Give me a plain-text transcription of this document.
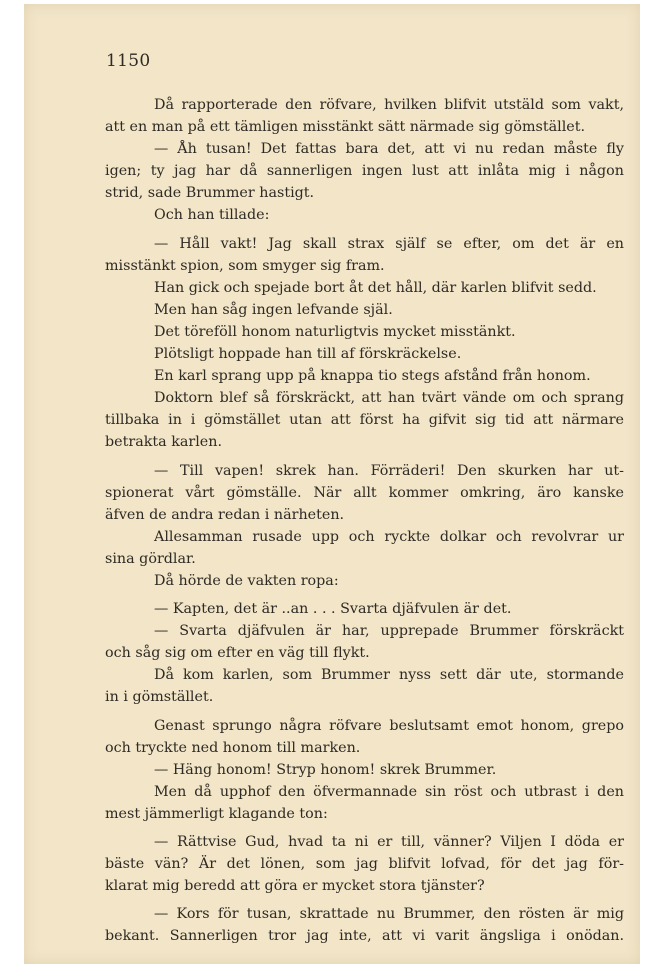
1150
Då rapporterade den röfvare, hvilken blifvit utstäld som vakt,
att en man på ett tämligen misstänkt sätt närmade sig gömstället.
— Åh tusan! Det fattas bara det, att vi nu redan måste fly
igen; ty jag har då sannerligen ingen lust att inlåta mig i någon
strid, sade Brummer hastigt.
Och han tillade:
— Håll vakt! Jag skall strax själf se efter, om det är en
misstänkt spion, som smyger sig fram.
Han gick och spejade bort åt det håll, där karlen blifvit sedd.
Men han såg ingen lefvande själ.
Det töreföll honom naturligtvis mycket misstänkt.
Plötsligt hoppade han till af förskräckelse.
En karl sprang upp på knappa tio stegs afstånd från honom.
Doktorn blef så förskräckt, att han tvärt vände om och sprang
tillbaka in i gömstället utan att först ha gifvit sig tid att närmare
betrakta karlen.
— Till vapen! skrek han. Förräderi! Den skurken har ut-
spionerat vårt gömställe. När allt kommer omkring, äro kanske
äfven de andra redan i närheten.
Allesamman rusade upp och ryckte dolkar och revolvrar ur
sina gördlar.
Då hörde de vakten ropa:
— Kapten, det är ..an . . . Svarta djäfvulen är det.
— Svarta djäfvulen är har, upprepade Brummer förskräckt
och såg sig om efter en väg till flykt.
Då kom karlen, som Brummer nyss sett där ute, stormande
in i gömstället.
Genast sprungo några röfvare beslutsamt emot honom, grepo
och tryckte ned honom till marken.
— Häng honom! Stryp honom! skrek Brummer.
Men då upphof den öfvermannade sin röst och utbrast i den
mest jämmerligt klagande ton:
— Rättvise Gud, hvad ta ni er till, vänner? Viljen I döda er
bäste vän? Är det lönen, som jag blifvit lofvad, för det jag för-
klarat mig beredd att göra er mycket stora tjänster?
— Kors för tusan, skrattade nu Brummer, den rösten är mig
bekant. Sannerligen tror jag inte, att vi varit ängsliga i onödan.
